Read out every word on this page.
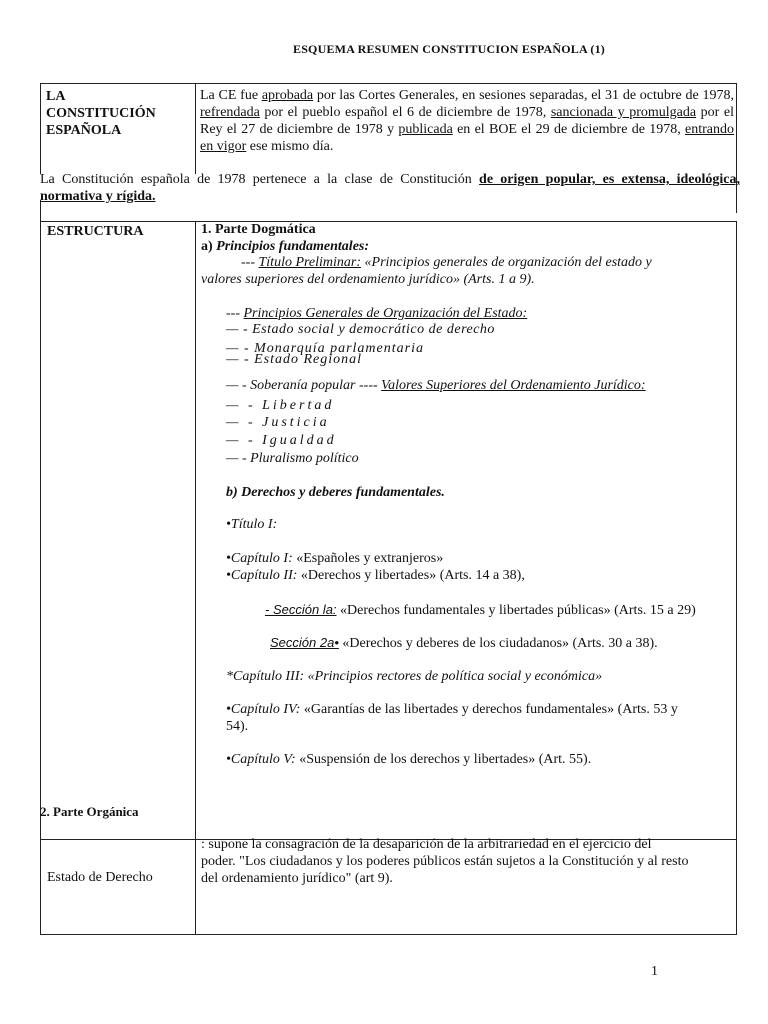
ESQUEMA RESUMEN CONSTITUCION ESPAÑOLA (1)
LA
CONSTITUCIÓN
ESPAÑOLA
La CE fue aprobada por las Cortes Generales, en sesiones separadas, el 31 de octubre de 1978, refrendada por el pueblo español el 6 de diciembre de 1978, sancionada y promulgada por el Rey el 27 de diciembre de 1978 y publicada en el BOE el 29 de diciembre de 1978, entrando en vigor ese mismo día.
La Constitución española de 1978 pertenece a la clase de Constitución de origen popular, es extensa, ideológica, normativa y rígida.
ESTRUCTURA	1. Parte Dogmática
a) Principios fundamentales:
--- Título Preliminar: «Principios generales de organización del estado y
valores superiores del ordenamiento jurídico» (Arts. 1 a 9).
--- Principios Generales de Organización del Estado:
— - Estado social y democrático de derecho
— - Monarquía parlamentaria
— - Estado Regional
— - Soberanía popular ---- Valores Superiores del Ordenamiento Jurídico:
— - Libertad
— - Justicia
— - Igualdad
— - Pluralismo político
b) Derechos y deberes fundamentales.
•Título I:
•Capítulo I: «Españoles y extranjeros»
•Capítulo II: «Derechos y libertades» (Arts. 14 a 38),
- Sección la: «Derechos fundamentales y libertades públicas» (Arts. 15 a 29)
Sección 2a• «Derechos y deberes de los ciudadanos» (Arts. 30 a 38).
*Capítulo III: «Principios rectores de política social y económica»
•Capítulo IV: «Garantías de las libertades y derechos fundamentales» (Arts. 53 y
54).
•Capítulo V: «Suspensión de los derechos y libertades» (Art. 55).
2. Parte Orgánica
Estado de Derecho
: supone la consagración de la desaparición de la arbitrariedad en el ejercicio del
poder. "Los ciudadanos y los poderes públicos están sujetos a la Constitución y al resto
del ordenamiento jurídico" (art 9).
1
